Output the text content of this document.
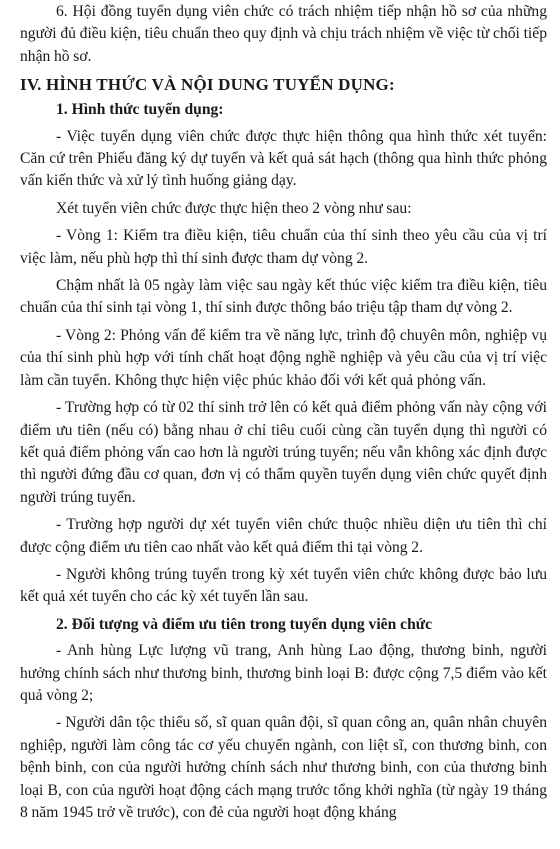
6. Hội đồng tuyển dụng viên chức có trách nhiệm tiếp nhận hồ sơ của những người đủ điều kiện, tiêu chuẩn theo quy định và chịu trách nhiệm về việc từ chối tiếp nhận hồ sơ.

IV. HÌNH THỨC VÀ NỘI DUNG TUYỂN DỤNG:
1. Hình thức tuyển dụng:

- Việc tuyển dụng viên chức được thực hiện thông qua hình thức xét tuyển: Căn cứ trên Phiếu đăng ký dự tuyển và kết quả sát hạch (thông qua hình thức phỏng vấn kiến thức và xử lý tình huống giảng dạy.

Xét tuyển viên chức được thực hiện theo 2 vòng như sau:

- Vòng 1: Kiểm tra điều kiện, tiêu chuẩn của thí sinh theo yêu cầu của vị trí việc làm, nếu phù hợp thì thí sinh được tham dự vòng 2.

Chậm nhất là 05 ngày làm việc sau ngày kết thúc việc kiểm tra điều kiện, tiêu chuẩn của thí sinh tại vòng 1, thí sinh được thông báo triệu tập tham dự vòng 2.

- Vòng 2: Phỏng vấn để kiểm tra về năng lực, trình độ chuyên môn, nghiệp vụ của thí sinh phù hợp với tính chất hoạt động nghề nghiệp và yêu cầu của vị trí việc làm cần tuyển. Không thực hiện việc phúc khảo đối với kết quả phỏng vấn.

- Trường hợp có từ 02 thí sinh trở lên có kết quả điểm phỏng vấn này cộng với điểm ưu tiên (nếu có) bằng nhau ở chỉ tiêu cuối cùng cần tuyển dụng thì người có kết quả điểm phỏng vấn cao hơn là người trúng tuyển; nếu vẫn không xác định được thì người đứng đầu cơ quan, đơn vị có thẩm quyền tuyển dụng viên chức quyết định người trúng tuyển.

- Trường hợp người dự xét tuyển viên chức thuộc nhiều diện ưu tiên thì chỉ được cộng điểm ưu tiên cao nhất vào kết quả điểm thi tại vòng 2.

- Người không trúng tuyển trong kỳ xét tuyển viên chức không được bảo lưu kết quả xét tuyển cho các kỳ xét tuyển lần sau.

2. Đối tượng và điểm ưu tiên trong tuyển dụng viên chức

- Anh hùng Lực lượng vũ trang, Anh hùng Lao động, thương binh, người hưởng chính sách như thương binh, thương binh loại B: được cộng 7,5 điểm vào kết quả vòng 2;

- Người dân tộc thiểu số, sĩ quan quân đội, sĩ quan công an, quân nhân chuyên nghiệp, người làm công tác cơ yếu chuyển ngành, con liệt sĩ, con thương binh, con bệnh binh, con của người hưởng chính sách như thương binh, con của thương binh loại B, con của người hoạt động cách mạng trước tổng khởi nghĩa (từ ngày 19 tháng 8 năm 1945 trở về trước), con đẻ của người hoạt động kháng
